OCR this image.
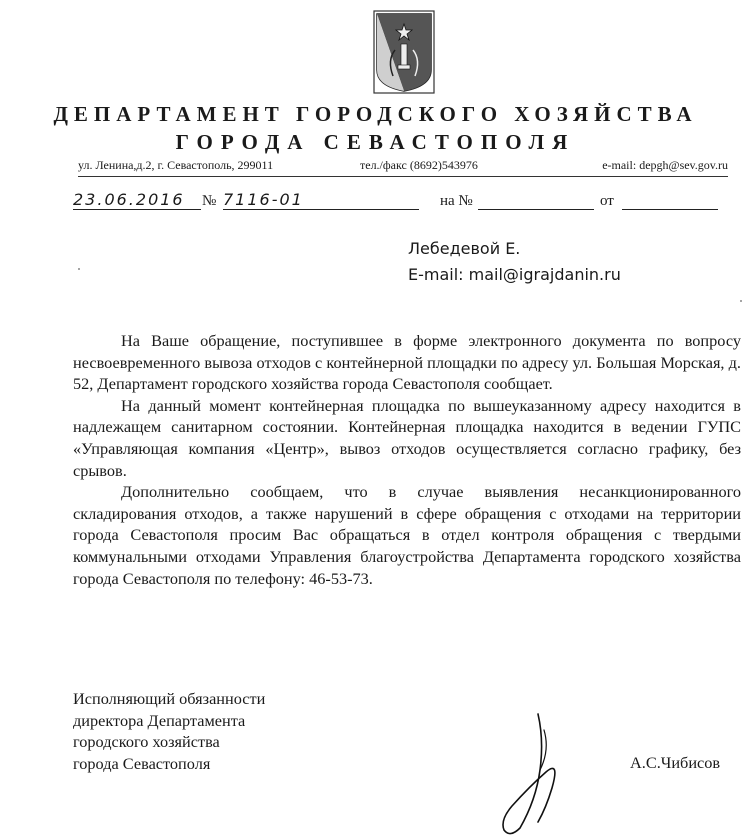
ДЕПАРТАМЕНТ ГОРОДСКОГО ХОЗЯЙСТВА
ГОРОДА СЕВАСТОПОЛЯ
ул. Ленина,д.2, г. Севастополь, 299011	тел./факс (8692)543976	e-mail: depgh@sev.gov.ru
23.06.2016	№ 7116-01	на №	от
Лебедевой Е.
E-mail: mail@igrajdanin.ru

На Ваше обращение, поступившее в форме электронного документа по вопросу несвоевременного вывоза отходов с контейнерной площадки по адресу ул. Большая Морская, д. 52, Департамент городского хозяйства города Севастополя сообщает.

На данный момент контейнерная площадка по вышеуказанному адресу находится в надлежащем санитарном состоянии. Контейнерная площадка находится в ведении ГУПС «Управляющая компания «Центр», вывоз отходов осуществляется согласно графику, без срывов.

Дополнительно сообщаем, что в случае выявления несанкционированного складирования отходов, а также нарушений в сфере обращения с отходами на территории города Севастополя просим Вас обращаться в отдел контроля обращения с твердыми коммунальными отходами Управления благоустройства Департамента городского хозяйства города Севастополя по телефону: 46-53-73.

Исполняющий обязанности
директора Департамента
городского хозяйства
города Севастополя	А.С.Чибисов
